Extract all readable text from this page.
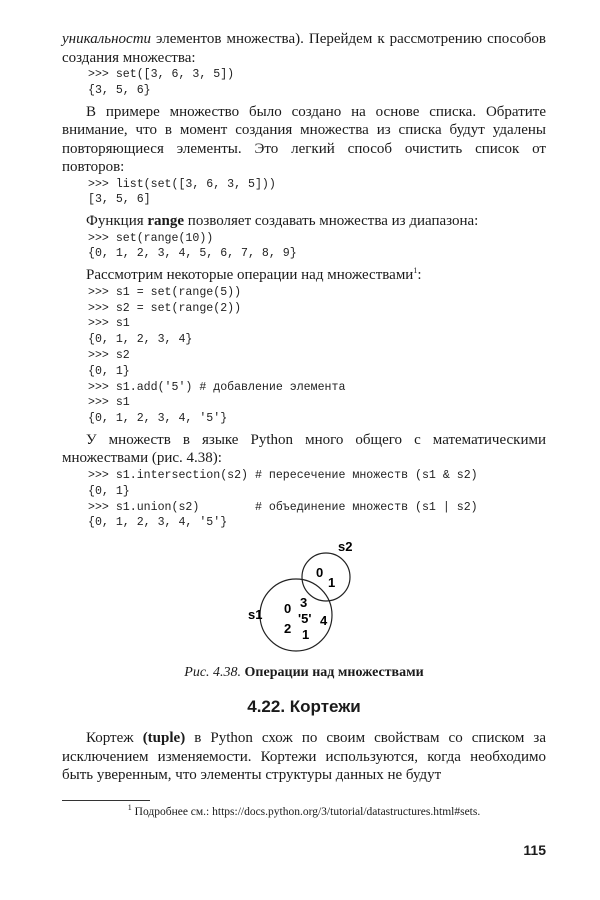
уникальности элементов множества). Перейдем к рассмотрению способов создания множества:

>>> set([3, 6, 3, 5])
{3, 5, 6}

В примере множество было создано на основе списка. Обратите внимание, что в момент создания множества из списка будут удалены повторяющиеся элементы. Это легкий способ очистить список от повторов:

>>> list(set([3, 6, 3, 5]))
[3, 5, 6]

Функция range позволяет создавать множества из диапазона:

>>> set(range(10))
{0, 1, 2, 3, 4, 5, 6, 7, 8, 9}

Рассмотрим некоторые операции над множествами$^1$:

>>> s1 = set(range(5))
>>> s2 = set(range(2))
>>> s1
{0, 1, 2, 3, 4}
>>> s2
{0, 1}
>>> s1.add('5') # добавление элемента
>>> s1
{0, 1, 2, 3, 4, '5'}

У множеств в языке Python много общего с математическими множествами (рис. 4.38):

>>> s1.intersection(s2) # пересечение множеств (s1 & s2)
{0, 1}
>>> s1.union(s2)        # объединение множеств (s1 | s2)
{0, 1, 2, 3, 4, '5'}
s2
s1
0
1
0 3
'5' 4
2 1
Рис. 4.38. Операции над множествами
4.22. Кортежи

Кортеж (tuple) в Python схож по своим свойствам со списком за исключением изменяемости. Кортежи используются, когда необходимо быть уверенным, что элементы структуры данных не будут

$^1$ Подробнее см.: https://docs.python.org/3/tutorial/datastructures.html#sets.
115
